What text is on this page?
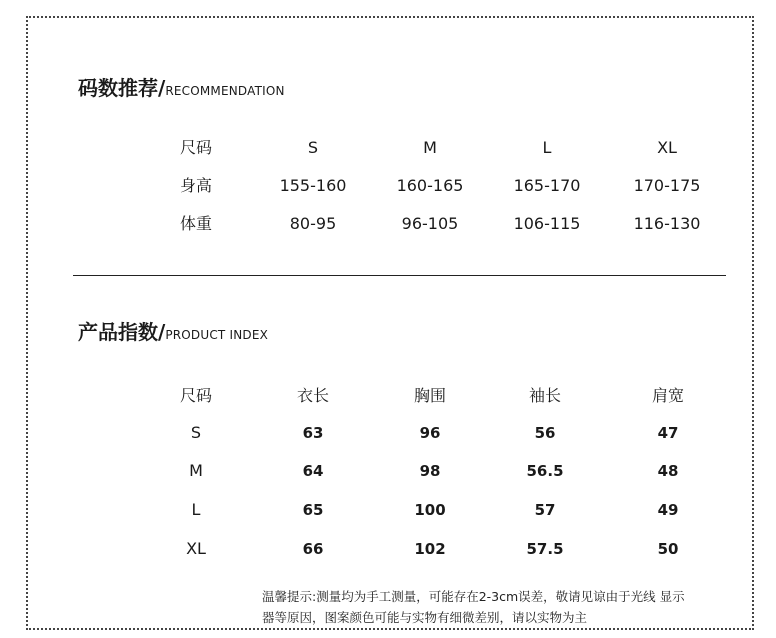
码数推荐/RECOMMENDATION
尺码	S	M	L	XL
身高	155-160	160-165	165-170	170-175
体重	80-95	96-105	106-115	116-130
产品指数/PRODUCT INDEX
尺码	衣长	胸围	袖长	肩宽
S	63	96	56	47
M	64	98	56.5	48
L	65	100	57	49
XL	66	102	57.5	50
温馨提示:测量均为手工测量，可能存在2-3cm误差，敬请见谅由于光线 显示
器等原因，图案颜色可能与实物有细微差别，请以实物为主
